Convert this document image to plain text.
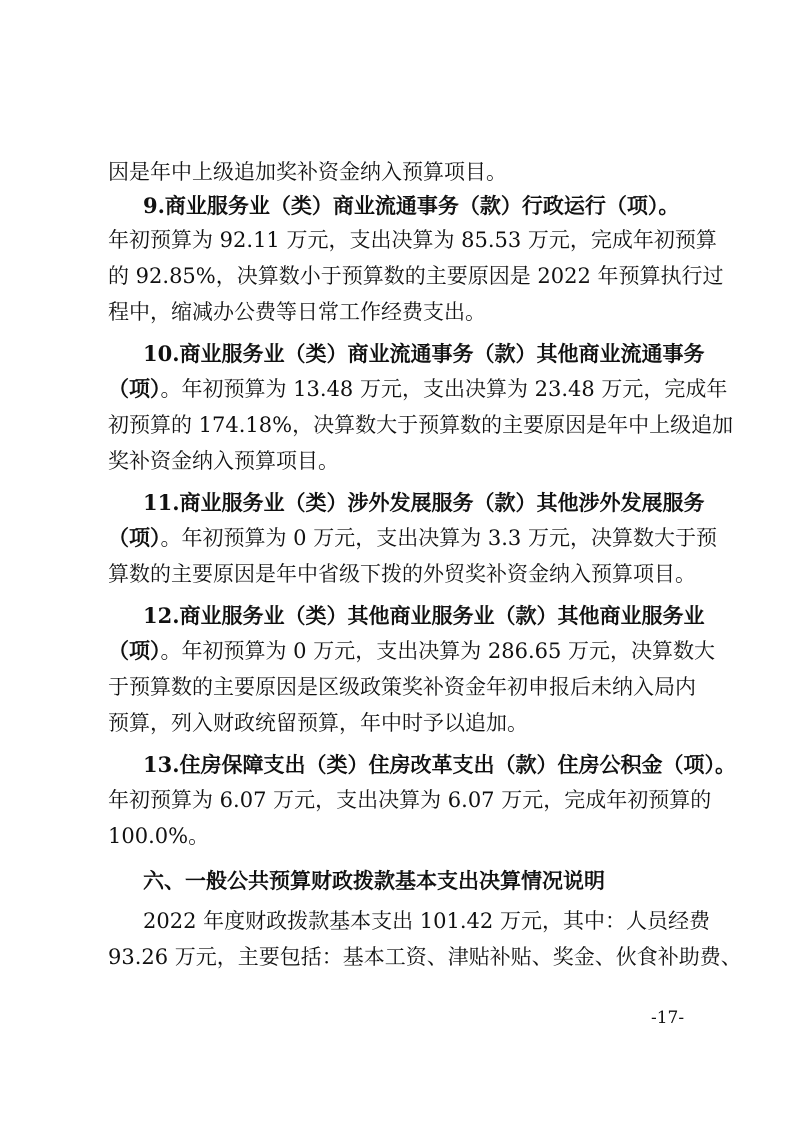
因是年中上级追加奖补资金纳入预算项目。
9.商业服务业（类）商业流通事务（款）行政运行（项）。
年初预算为 92.11 万元，支出决算为 85.53 万元，完成年初预算
的 92.85%，决算数小于预算数的主要原因是 2022 年预算执行过
程中，缩减办公费等日常工作经费支出。
10.商业服务业（类）商业流通事务（款）其他商业流通事务
（项）。年初预算为 13.48 万元，支出决算为 23.48 万元，完成年
初预算的 174.18%，决算数大于预算数的主要原因是年中上级追加
奖补资金纳入预算项目。
11.商业服务业（类）涉外发展服务（款）其他涉外发展服务
（项）。年初预算为 0 万元，支出决算为 3.3 万元，决算数大于预
算数的主要原因是年中省级下拨的外贸奖补资金纳入预算项目。
12.商业服务业（类）其他商业服务业（款）其他商业服务业
（项）。年初预算为 0 万元，支出决算为 286.65 万元，决算数大
于预算数的主要原因是区级政策奖补资金年初申报后未纳入局内
预算，列入财政统留预算，年中时予以追加。
13.住房保障支出（类）住房改革支出（款）住房公积金（项）。
年初预算为 6.07 万元，支出决算为 6.07 万元，完成年初预算的
100.0%。
六、一般公共预算财政拨款基本支出决算情况说明
2022 年度财政拨款基本支出 101.42 万元，其中：人员经费
93.26 万元，主要包括：基本工资、津贴补贴、奖金、伙食补助费、
-17-
